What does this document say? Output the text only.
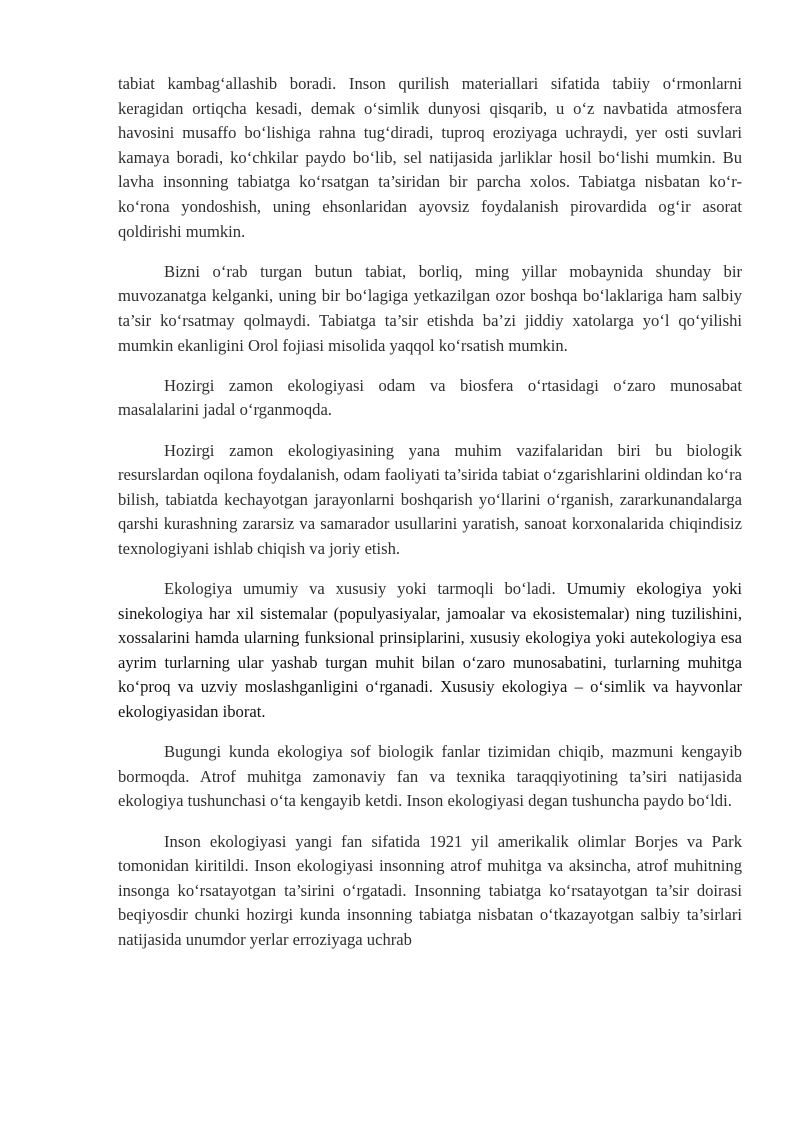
tabiat kambag‘allashib boradi. Inson qurilish materiallari sifatida tabiiy o‘rmonlarni keragidan ortiqcha kesadi, demak o‘simlik dunyosi qisqarib, u o‘z navbatida atmosfera havosini musaffo bo‘lishiga rahna tug‘diradi, tuproq eroziyaga uchraydi, yer osti suvlari kamaya boradi, ko‘chkilar paydo bo‘lib, sel natijasida jarliklar hosil bo‘lishi mumkin. Bu lavha insonning tabiatga ko‘rsatgan ta’siridan bir parcha xolos. Tabiatga nisbatan ko‘r-ko‘rona yondoshish, uning ehsonlaridan ayovsiz foydalanish pirovardida og‘ir asorat qoldirishi mumkin.

Bizni o‘rab turgan butun tabiat, borliq, ming yillar mobaynida shunday bir muvozanatga kelganki, uning bir bo‘lagiga yetkazilgan ozor boshqa bo‘laklariga ham salbiy ta’sir ko‘rsatmay qolmaydi. Tabiatga ta’sir etishda ba’zi jiddiy xatolarga yo‘l qo‘yilishi mumkin ekanligini Orol fojiasi misolida yaqqol ko‘rsatish mumkin.

Hozirgi zamon ekologiyasi odam va biosfera o‘rtasidagi o‘zaro munosabat masalalarini jadal o‘rganmoqda.

Hozirgi zamon ekologiyasining yana muhim vazifalaridan biri bu biologik resurslardan oqilona foydalanish, odam faoliyati ta’sirida tabiat o‘zgarishlarini oldindan ko‘ra bilish, tabiatda kechayotgan jarayonlarni boshqarish yo‘llarini o‘rganish, zararkunandalarga qarshi kurashning zararsiz va samarador usullarini yaratish, sanoat korxonalarida chiqindisiz texnologiyani ishlab chiqish va joriy etish.

Ekologiya umumiy va xususiy yoki tarmoqli bo‘ladi. Umumiy ekologiya yoki sinekologiya har xil sistemalar (populyasiyalar, jamoalar va ekosistemalar) ning tuzilishini, xossalarini hamda ularning funksional prinsiplarini, xususiy ekologiya yoki autekologiya esa ayrim turlarning ular yashab turgan muhit bilan o‘zaro munosabatini, turlarning muhitga ko‘proq va uzviy moslashganligini o‘rganadi. Xususiy ekologiya – o‘simlik va hayvonlar ekologiyasidan iborat.

Bugungi kunda ekologiya sof biologik fanlar tizimidan chiqib, mazmuni kengayib bormoqda. Atrof muhitga zamonaviy fan va texnika taraqqiyotining ta’siri natijasida ekologiya tushunchasi o‘ta kengayib ketdi. Inson ekologiyasi degan tushuncha paydo bo‘ldi.

Inson ekologiyasi yangi fan sifatida 1921 yil amerikalik olimlar Borjes va Park tomonidan kiritildi. Inson ekologiyasi insonning atrof muhitga va aksincha, atrof muhitning insonga ko‘rsatayotgan ta’sirini o‘rgatadi. Insonning tabiatga ko‘rsatayotgan ta’sir doirasi beqiyosdir chunki hozirgi kunda insonning tabiatga nisbatan o‘tkazayotgan salbiy ta’sirlari natijasida unumdor yerlar erroziyaga uchrab
